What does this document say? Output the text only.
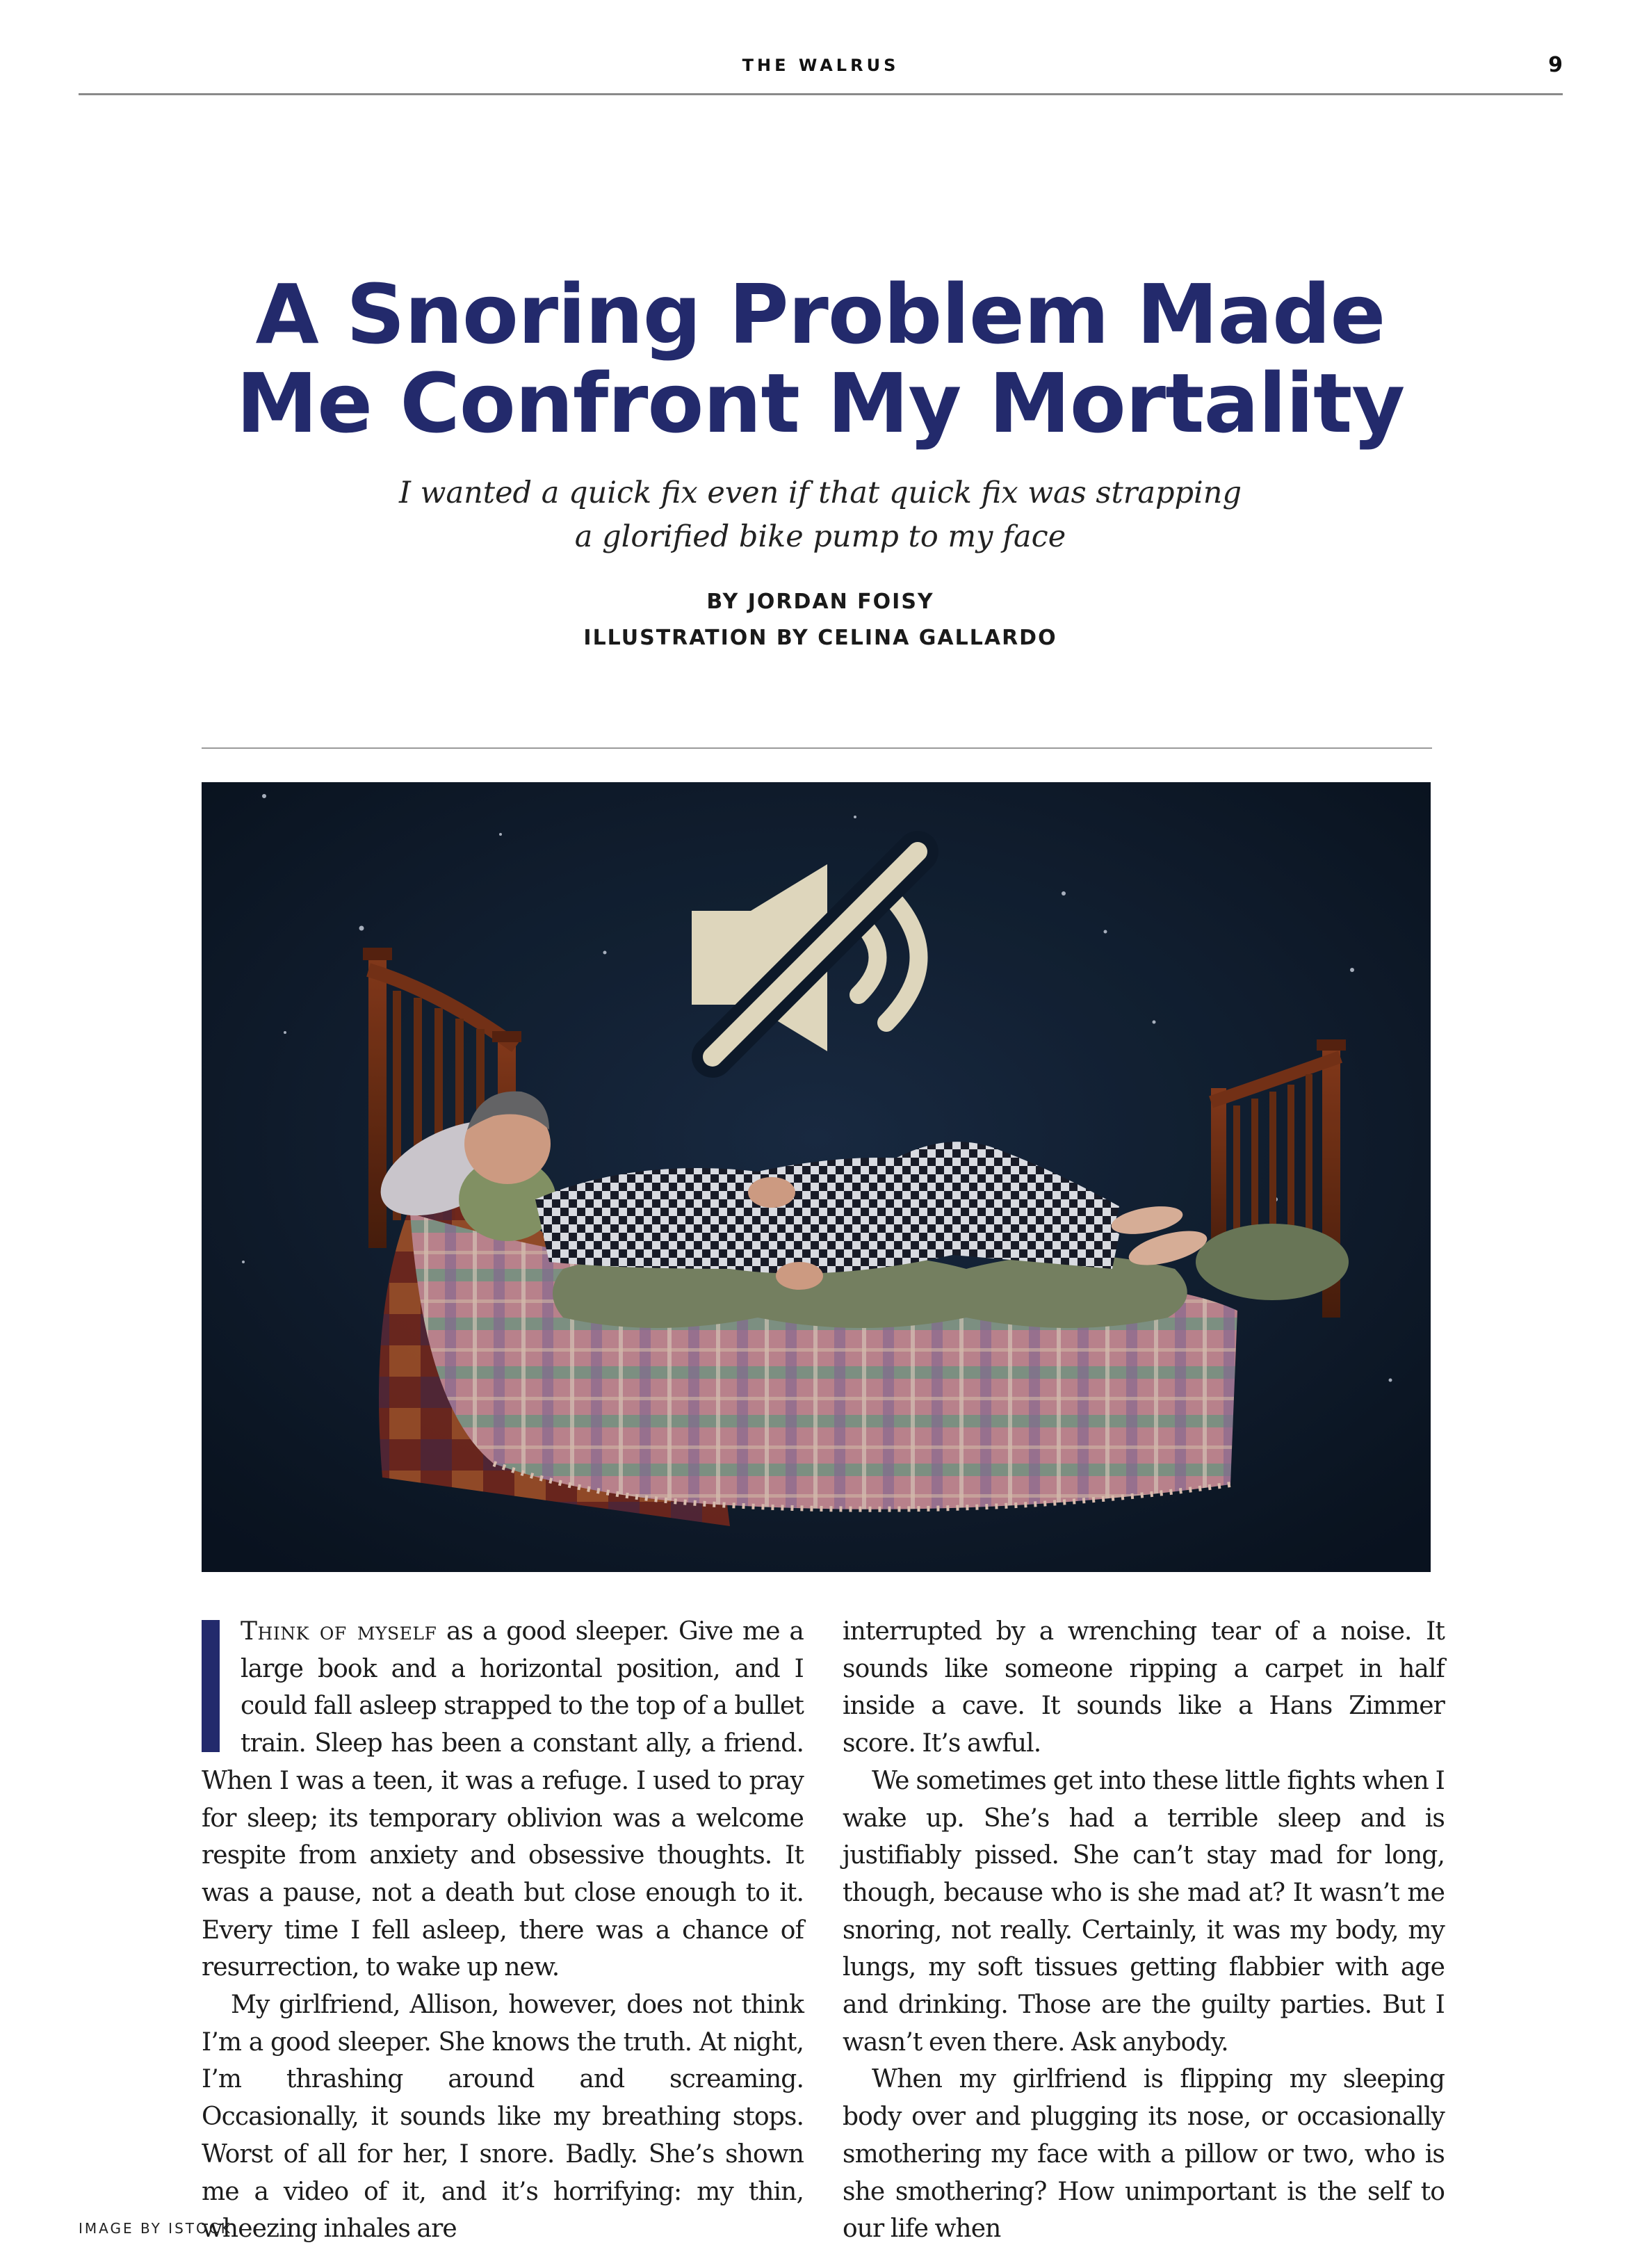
THE WALRUS	9
A Snoring Problem Made
Me Confront My Mortality

I wanted a quick fix even if that quick fix was strapping
a glorified bike pump to my face

BY JORDAN FOISY
ILLUSTRATION BY CELINA GALLARDO

Think of myself as a good sleeper. Give me a large book and a horizontal position, and I could fall asleep strapped to the top of a bullet train. Sleep has been a constant ally, a friend. When I was a teen, it was a refuge. I used to pray for sleep; its temporary oblivion was a welcome respite from anxiety and obsessive thoughts. It was a pause, not a death but close enough to it. Every time I fell asleep, there was a chance of resurrection, to wake up new.

My girlfriend, Allison, however, does not think I’m a good sleeper. She knows the truth. At night, I’m thrashing around and screaming. Occasionally, it sounds like my breathing stops. Worst of all for her, I snore. Badly. She’s shown me a video of it, and it’s horrifying: my thin, wheezing inhales are

interrupted by a wrenching tear of a noise. It sounds like someone ripping a carpet in half inside a cave. It sounds like a Hans Zimmer score. It’s awful.

We sometimes get into these little fights when I wake up. She’s had a terrible sleep and is justifiably pissed. She can’t stay mad for long, though, because who is she mad at? It wasn’t me snoring, not really. Certainly, it was my body, my lungs, my soft tissues getting flabbier with age and drinking. Those are the guilty parties. But I wasn’t even there. Ask anybody.

When my girlfriend is flipping my sleeping body over and plugging its nose, or occasionally smothering my face with a pillow or two, who is she smothering? How unimportant is the self to our life when

IMAGE BY ISTOCK
